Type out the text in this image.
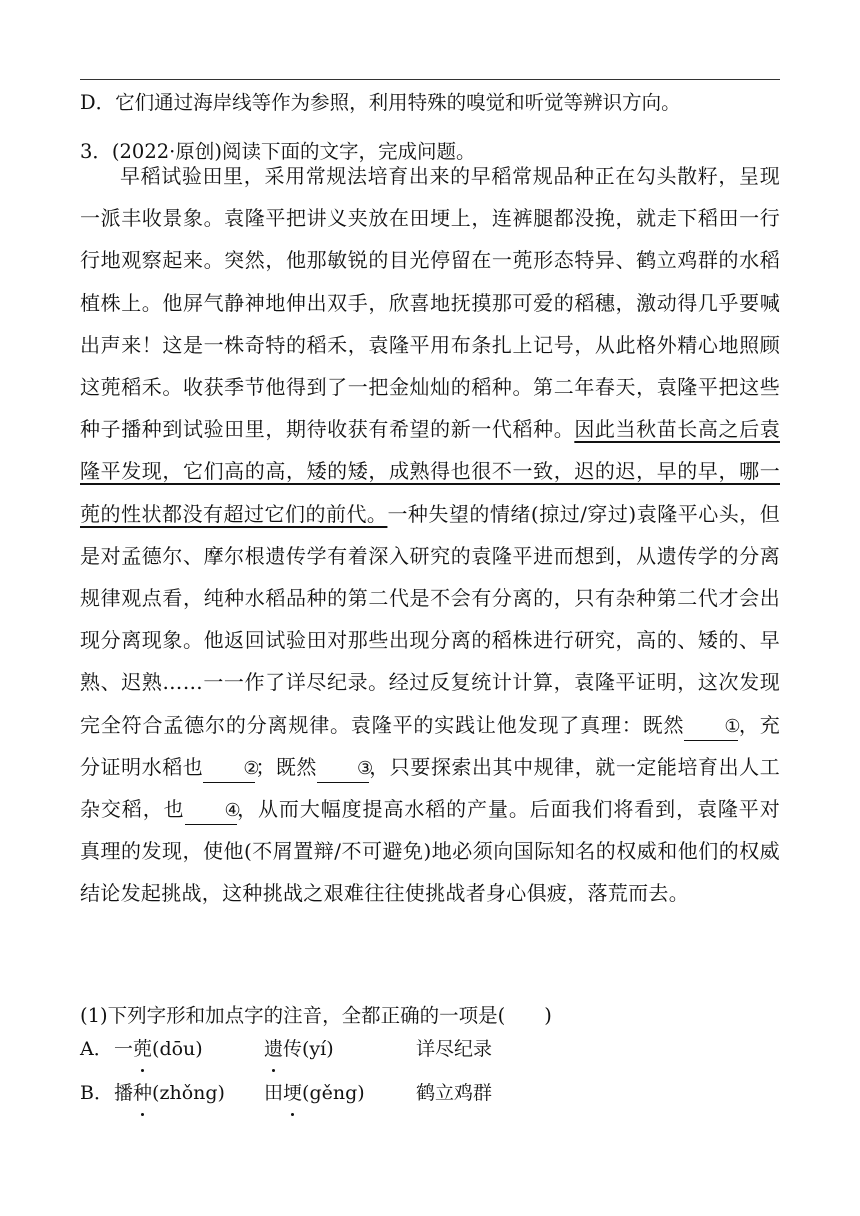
D．它们通过海岸线等作为参照，利用特殊的嗅觉和听觉等辨识方向。
3．(2022·原创)阅读下面的文字，完成问题。
早稻试验田里，采用常规法培育出来的早稻常规品种正在勾头散籽，呈现一派丰收景象。袁隆平把讲义夹放在田埂上，连裤腿都没挽，就走下稻田一行行地观察起来。突然，他那敏锐的目光停留在一蔸形态特异、鹤立鸡群的水稻植株上。他屏气静神地伸出双手，欣喜地抚摸那可爱的稻穗，激动得几乎要喊出声来！这是一株奇特的稻禾，袁隆平用布条扎上记号，从此格外精心地照顾这蔸稻禾。收获季节他得到了一把金灿灿的稻种。第二年春天，袁隆平把这些种子播种到试验田里，期待收获有希望的新一代稻种。因此当秋苗长高之后袁隆平发现，它们高的高，矮的矮，成熟得也很不一致，迟的迟，早的早，哪一蔸的性状都没有超过它们的前代。一种失望的情绪(掠过/穿过)袁隆平心头，但是对孟德尔、摩尔根遗传学有着深入研究的袁隆平进而想到，从遗传学的分离规律观点看，纯种水稻品种的第二代是不会有分离的，只有杂种第二代才会出现分离现象。他返回试验田对那些出现分离的稻株进行研究，高的、矮的、早熟、迟熟……一一作了详尽纪录。经过反复统计计算，袁隆平证明，这次发现完全符合孟德尔的分离规律。袁隆平的实践让他发现了真理：既然 ①，充分证明水稻也 ②；既然 ③，只要探索出其中规律，就一定能培育出人工杂交稻，也 ④，从而大幅度提高水稻的产量。后面我们将看到，袁隆平对真理的发现，使他(不屑置辩/不可避免)地必须向国际知名的权威和他们的权威结论发起挑战，这种挑战之艰难往往使挑战者身心俱疲，落荒而去。
(1)下列字形和加点字的注音，全都正确的一项是(　　)
A． 一蔸(dōu)	遗传(yí)	详尽纪录
B． 播种(zhǒng) 田埂(gěng)	鹤立鸡群
